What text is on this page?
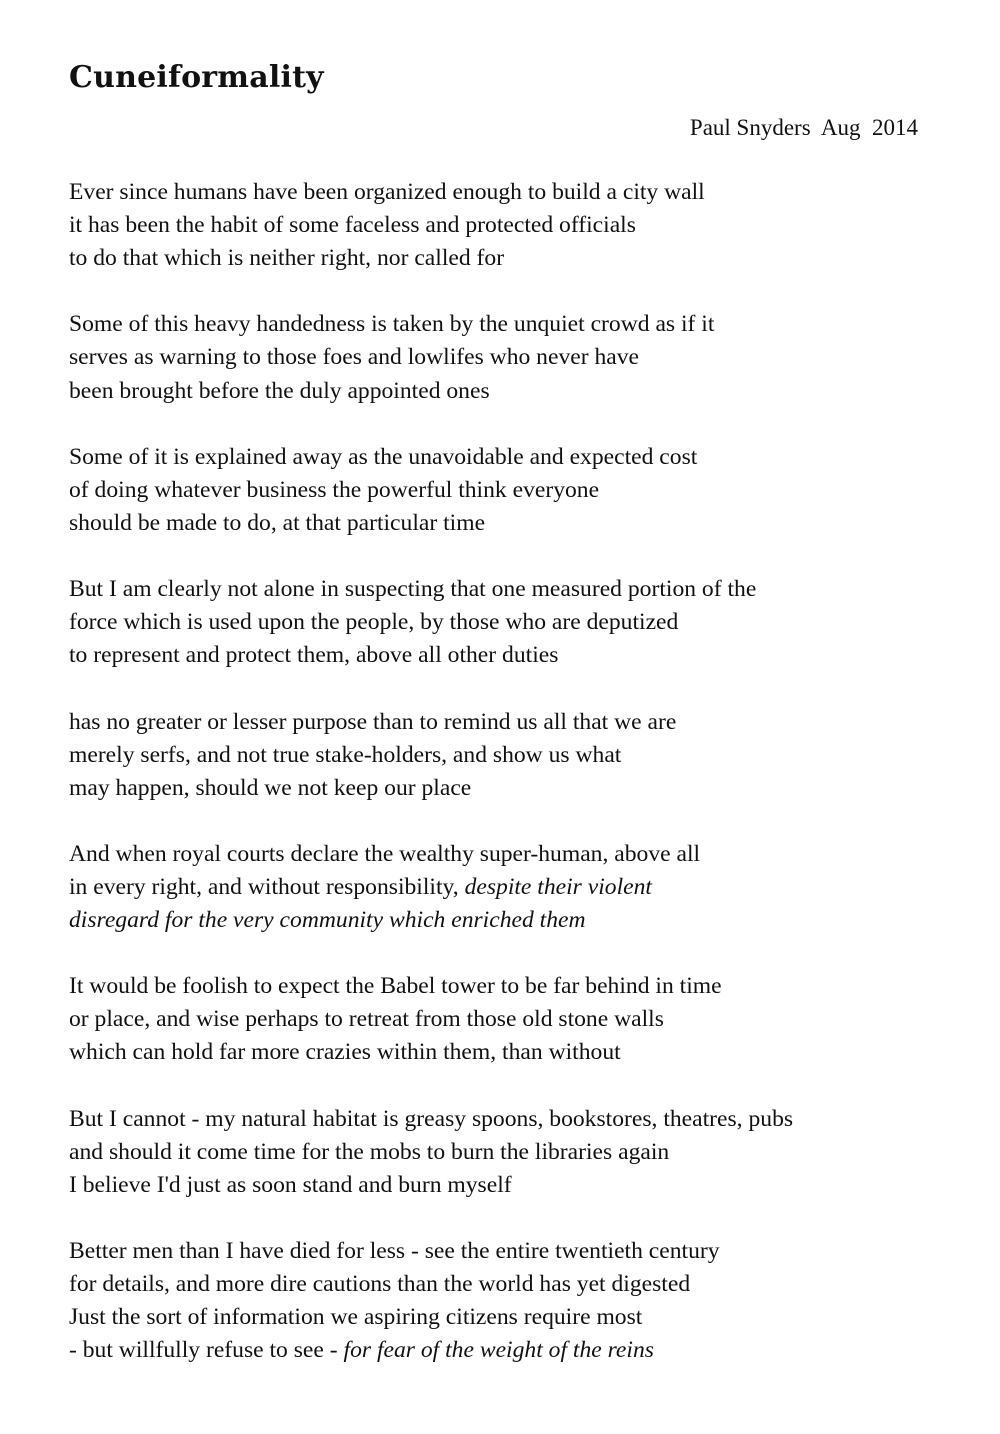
Cuneiformality

Paul Snyders  Aug  2014

Ever since humans have been organized enough to build a city wall
it has been the habit of some faceless and protected officials
to do that which is neither right, nor called for
Some of this heavy handedness is taken by the unquiet crowd as if it
serves as warning to those foes and lowlifes who never have
been brought before the duly appointed ones
Some of it is explained away as the unavoidable and expected cost
of doing whatever business the powerful think everyone
should be made to do, at that particular time
But I am clearly not alone in suspecting that one measured portion of the
force which is used upon the people, by those who are deputized
to represent and protect them, above all other duties
has no greater or lesser purpose than to remind us all that we are
merely serfs, and not true stake-holders, and show us what
may happen, should we not keep our place
And when royal courts declare the wealthy super-human, above all
in every right, and without responsibility, despite their violent
disregard for the very community which enriched them
It would be foolish to expect the Babel tower to be far behind in time
or place, and wise perhaps to retreat from those old stone walls
which can hold far more crazies within them, than without
But I cannot - my natural habitat is greasy spoons, bookstores, theatres, pubs
and should it come time for the mobs to burn the libraries again
I believe I'd just as soon stand and burn myself
Better men than I have died for less - see the entire twentieth century
for details, and more dire cautions than the world has yet digested
Just the sort of information we aspiring citizens require most
- but willfully refuse to see - for fear of the weight of the reins
